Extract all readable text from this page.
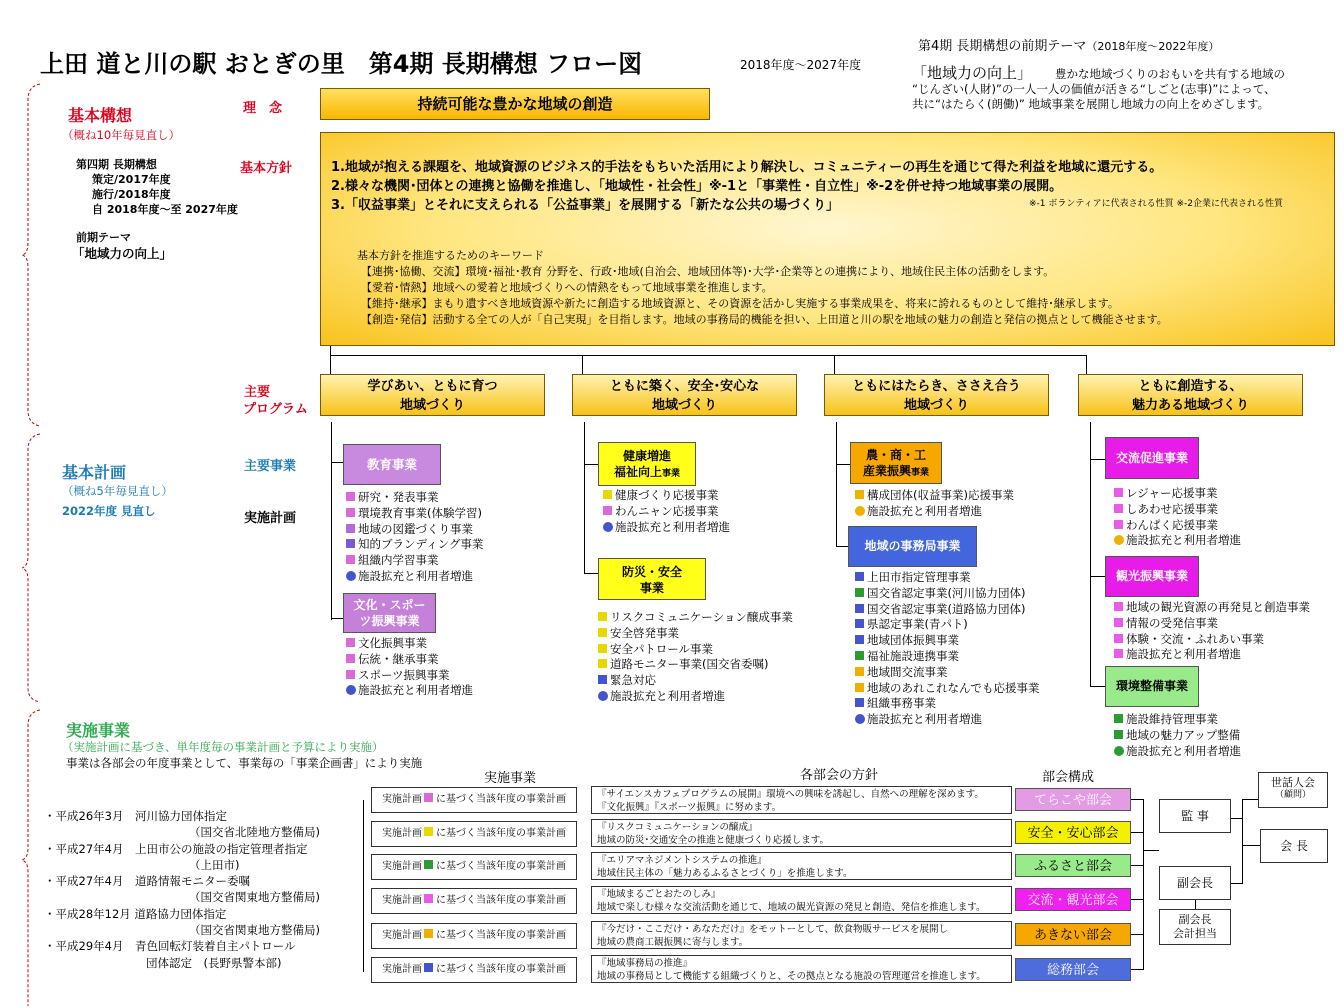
上田 道と川の駅 おとぎの里　第4期 長期構想 フロー図	2018年度～2027年度
第4期 長期構想の前期テーマ（2018年度～2022年度）
「地域力の向上」 豊かな地域づくりのおもいを共有する地域の
“じんざい(人財)”の一人一人の価値が活きる“しごと(志事)”によって、
共に“はたらく(朗働)” 地域事業を展開し地域力の向上をめざします。
基本構想
（概ね10年毎見直し）
第四期 長期構想
策定/2017年度
施行/2018年度
自 2018年度～至 2027年度
前期テーマ
「地域力の向上」
基本計画
（概ね5年毎見直し）
2022年度 見直し
実施事業
（実施計画に基づき、単年度毎の事業計画と予算により実施）
事業は各部会の年度事業として、事業毎の「事業企画書」により実施
・平成26年3月　河川協力団体指定
（国交省北陸地方整備局)
・平成27年4月　上田市公の施設の指定管理者指定
（上田市)
・平成27年4月　道路情報モニター委嘱
（国交省関東地方整備局)
・平成28年12月 道路協力団体指定
（国交省関東地方整備局)
・平成29年4月　青色回転灯装着自主パトロール
団体認定　(長野県警本部)
理　念
基本方針
主要
プログラム
主要事業
実施計画
持続可能な豊かな地域の創造
1.地域が抱える課題を、地域資源のビジネス的手法をもちいた活用により解決し、コミュニティーの再生を通じて得た利益を地域に還元する。
2.様々な機関･団体との連携と協働を推進し、「地域性・社会性」※-1と「事業性・自立性」※-2を併せ持つ地域事業の展開。
3.「収益事業」とそれに支えられる「公益事業」を展開する「新たな公共の場づくり」	※-1 ボランティアに代表される性質 ※-2企業に代表される性質
基本方針を推進するためのキーワード
【連携･協働、交流】環境･福祉･教育 分野を、行政･地域(自治会、地域団体等)･大学･企業等との連携により、地域住民主体の活動をします。
【愛着･情熱】地域への愛着と地域づくりへの情熱をもって地域事業を推進します。
【維持･継承】まもり遺すべき地域資源や新たに創造する地域資源と、その資源を活かし実施する事業成果を、将来に誇れるものとして維持･継承します。
【創造･発信】活動する全ての人が「自己実現」を目指します。地域の事務局的機能を担い、上田道と川の駅を地域の魅力の創造と発信の拠点として機能させます。
学びあい、ともに育つ
地域づくり
ともに築く、安全･安心な
地域づくり
ともにはたらき、ささえ合う
地域づくり
ともに創造する、
魅力ある地域づくり
教育事業
研究・発表事業
環境教育事業(体験学習)
地域の図鑑づくり事業
知的ブランディング事業
組織内学習事業
施設拡充と利用者増進
文化・スポー
ツ振興事業
文化振興事業
伝統・継承事業
スポーツ振興事業
施設拡充と利用者増進
健康増進
福祉向上事業
健康づくり応援事業
わんニャン応援事業
施設拡充と利用者増進
防災・安全
事業
リスクコミュニケーション醸成事業
安全啓発事業
安全パトロール事業
道路モニター事業(国交省委嘱)
緊急対応
施設拡充と利用者増進
農・商・工
産業振興事業
構成団体(収益事業)応援事業
施設拡充と利用者増進
地域の事務局事業
上田市指定管理事業
国交省認定事業(河川協力団体)
国交省認定事業(道路協力団体)
県認定事業(青パト)
地域団体振興事業
福祉施設連携事業
地域間交流事業
地域のあれこれなんでも応援事業
組織事務事業
施設拡充と利用者増進
交流促進事業
レジャー応援事業
しあわせ応援事業
わんぱく応援事業
施設拡充と利用者増進
観光振興事業
地域の観光資源の再発見と創造事業
情報の受発信事業
体験・交流・ふれあい事業
施設拡充と利用者増進
環境整備事業
施設維持管理事業
地域の魅力アップ整備
施設拡充と利用者増進
実施事業	各部会の方針	部会構成
実施計画 に基づく当該年度の事業計画	『サイエンスカフェプログラムの展開』環境への興味を誘起し、自然への理解を深めます。
『文化振興』『スポーツ振興』に努めます。	てらこや部会
実施計画 に基づく当該年度の事業計画
『リスクコミュニケーションの醸成』
地域の防災･交通安全の推進と健康づくり応援します。	安全・安心部会
実施計画 に基づく当該年度の事業計画
『エリアマネジメントシステムの推進』
地域住民主体の「魅力あるふるさとづくり」を推進します。	ふるさと部会
実施計画 に基づく当該年度の事業計画
『地域まるごとおたのしみ』
地域で楽しむ様々な交流活動を通じて、地域の観光資源の発見と創造、発信を推進します。	交流・観光部会
実施計画 に基づく当該年度の事業計画
『今だけ・ここだけ・あなただけ』をモットーとして、飲食物販サービスを展開し
地域の農商工観振興に寄与します。	あきない部会
実施計画 に基づく当該年度の事業計画
『地域事務局の推進』
地域の事務局として機能する組織づくりと、その拠点となる施設の管理運営を推進します。	総務部会
世話人会
（顧問）
監 事
会 長
副会長
副会長
会計担当
